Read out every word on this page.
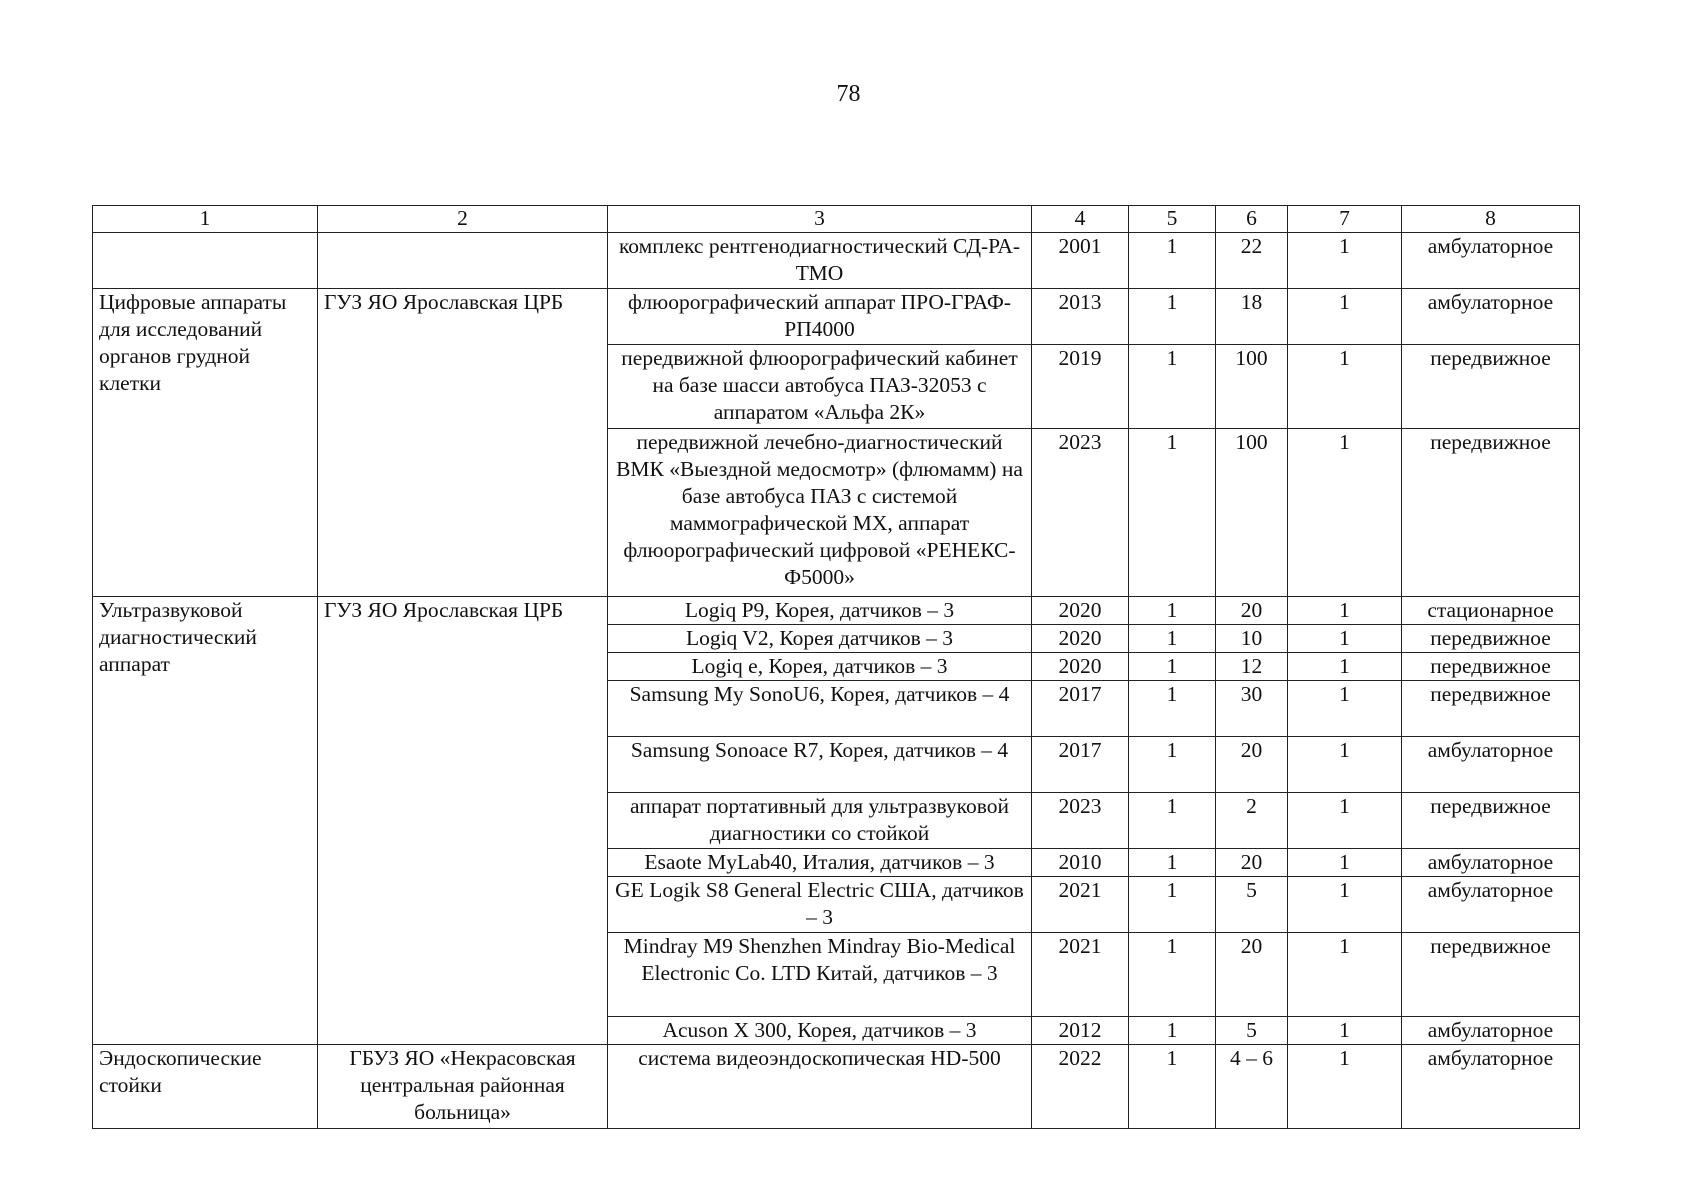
78
1	2	3	4	5	6	7	8
		комплекс рентгенодиагностический СД-РА-ТМО	2001	1	22	1	амбулаторное
Цифровые аппараты для исследований органов грудной клетки	ГУЗ ЯО Ярославская ЦРБ	флюорографический аппарат ПРО-ГРАФ-РП4000	2013	1	18	1	амбулаторное
		передвижной флюорографический кабинет на базе шасси автобуса ПАЗ-32053 с аппаратом «Альфа 2К»	2019	1	100	1	передвижное
		передвижной лечебно-диагностический ВМК «Выездной медосмотр» (флюмамм) на базе автобуса ПАЗ с системой маммографической МХ, аппарат флюорографический цифровой «РЕНЕКС-Ф5000»	2023	1	100	1	передвижное
Ультразвуковой диагностический аппарат	ГУЗ ЯО Ярославская ЦРБ	Logiq P9, Корея, датчиков – 3	2020	1	20	1	стационарное
		Logiq V2, Корея датчиков – 3	2020	1	10	1	передвижное
		Logiq e, Корея, датчиков – 3	2020	1	12	1	передвижное
		Samsung My SonoU6, Корея, датчиков – 4	2017	1	30	1	передвижное
		Samsung Sonoace R7, Корея, датчиков – 4	2017	1	20	1	амбулаторное
		аппарат портативный для ультразвуковой диагностики со стойкой	2023	1	2	1	передвижное
		Esaote MyLab40, Италия, датчиков – 3	2010	1	20	1	амбулаторное
		GE Logik S8 General Electric США, датчиков – 3	2021	1	5	1	амбулаторное
		Mindray M9 Shenzhen Mindray Bio-Medical Electronic Co. LTD Китай, датчиков – 3	2021	1	20	1	передвижное
		Acuson X 300, Корея, датчиков – 3	2012	1	5	1	амбулаторное
Эндоскопические стойки	ГБУЗ ЯО «Некрасовская центральная районная больница»	система видеоэндоскопическая HD-500	2022	1	4 – 6	1	амбулаторное
